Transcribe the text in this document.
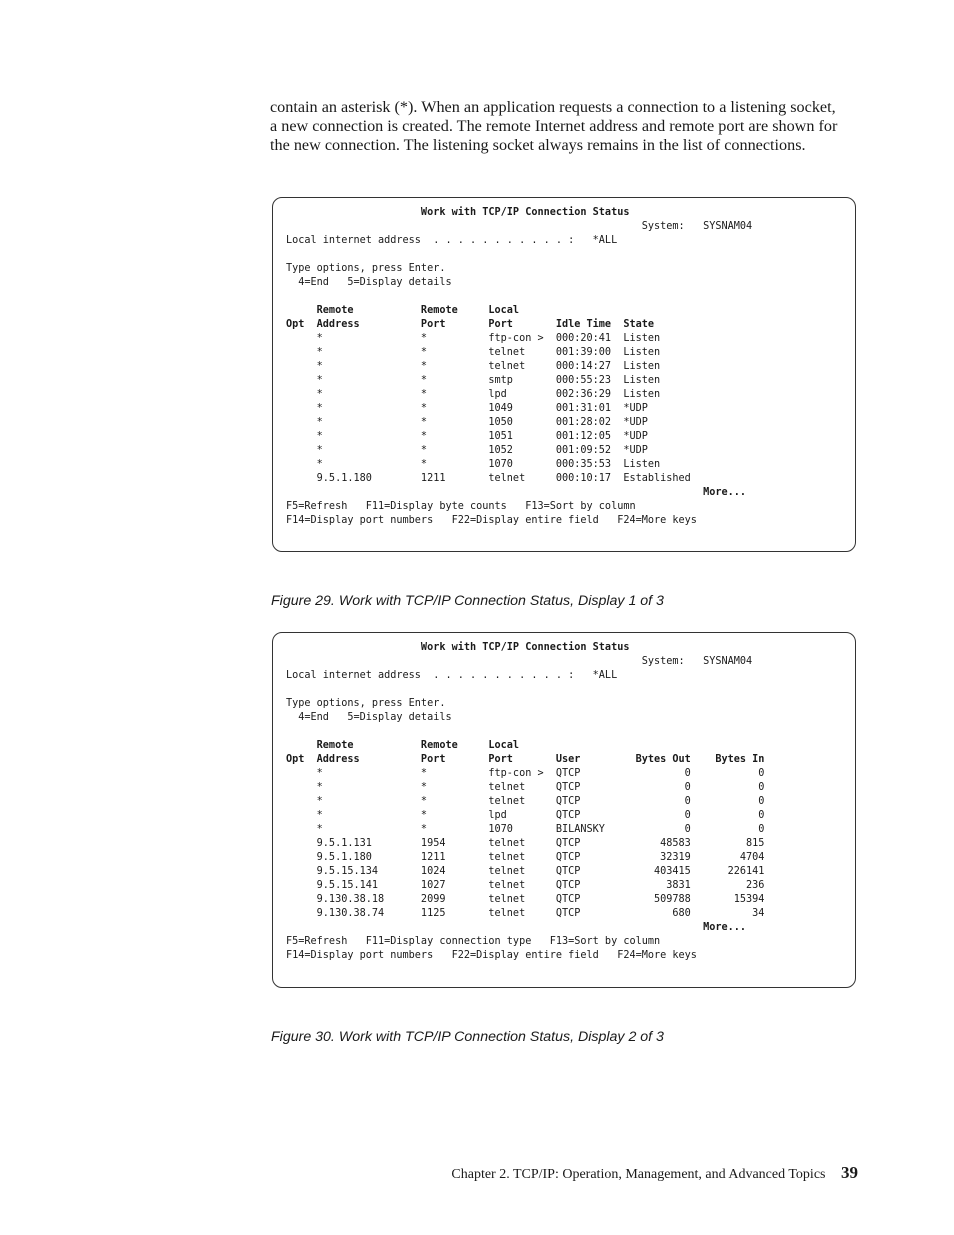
contain an asterisk (*). When an application requests a connection to a listening socket, a new connection is created. The remote Internet address and remote port are shown for the new connection. The listening socket always remains in the list of connections.

Work with TCP/IP Connection Status
System:   SYSNAM04
Local internet address  . . . . . . . . . . . :   *ALL
Type options, press Enter.
4=End   5=Display details
Remote           Remote     Local
Opt  Address          Port       Port       Idle Time  State
*                *          ftp-con >  000:20:41  Listen
*                *          telnet     001:39:00  Listen
*                *          telnet     000:14:27  Listen
*                *          smtp       000:55:23  Listen
*                *          lpd        002:36:29  Listen
*                *          1049       001:31:01  *UDP
*                *          1050       001:28:02  *UDP
*                *          1051       001:12:05  *UDP
*                *          1052       001:09:52  *UDP
*                *          1070       000:35:53  Listen
9.5.1.180        1211       telnet     000:10:17  Established
More...
F5=Refresh   F11=Display byte counts   F13=Sort by column
F14=Display port numbers   F22=Display entire field   F24=More keys

Figure 29. Work with TCP/IP Connection Status, Display 1 of 3

Work with TCP/IP Connection Status
System:   SYSNAM04
Local internet address  . . . . . . . . . . . :   *ALL
Type options, press Enter.
4=End   5=Display details
Remote           Remote     Local
Opt  Address          Port       Port       User         Bytes Out    Bytes In
*                *          ftp-con >  QTCP                 0           0
*                *          telnet     QTCP                 0           0
*                *          telnet     QTCP                 0           0
*                *          lpd        QTCP                 0           0
*                *          1070       BILANSKY             0           0
9.5.1.131        1954       telnet     QTCP             48583         815
9.5.1.180        1211       telnet     QTCP             32319        4704
9.5.15.134       1024       telnet     QTCP            403415      226141
9.5.15.141       1027       telnet     QTCP              3831         236
9.130.38.18      2099       telnet     QTCP            509788       15394
9.130.38.74      1125       telnet     QTCP               680          34
More...
F5=Refresh   F11=Display connection type   F13=Sort by column
F14=Display port numbers   F22=Display entire field   F24=More keys

Figure 30. Work with TCP/IP Connection Status, Display 2 of 3

Chapter 2. TCP/IP: Operation, Management, and Advanced Topics 39
